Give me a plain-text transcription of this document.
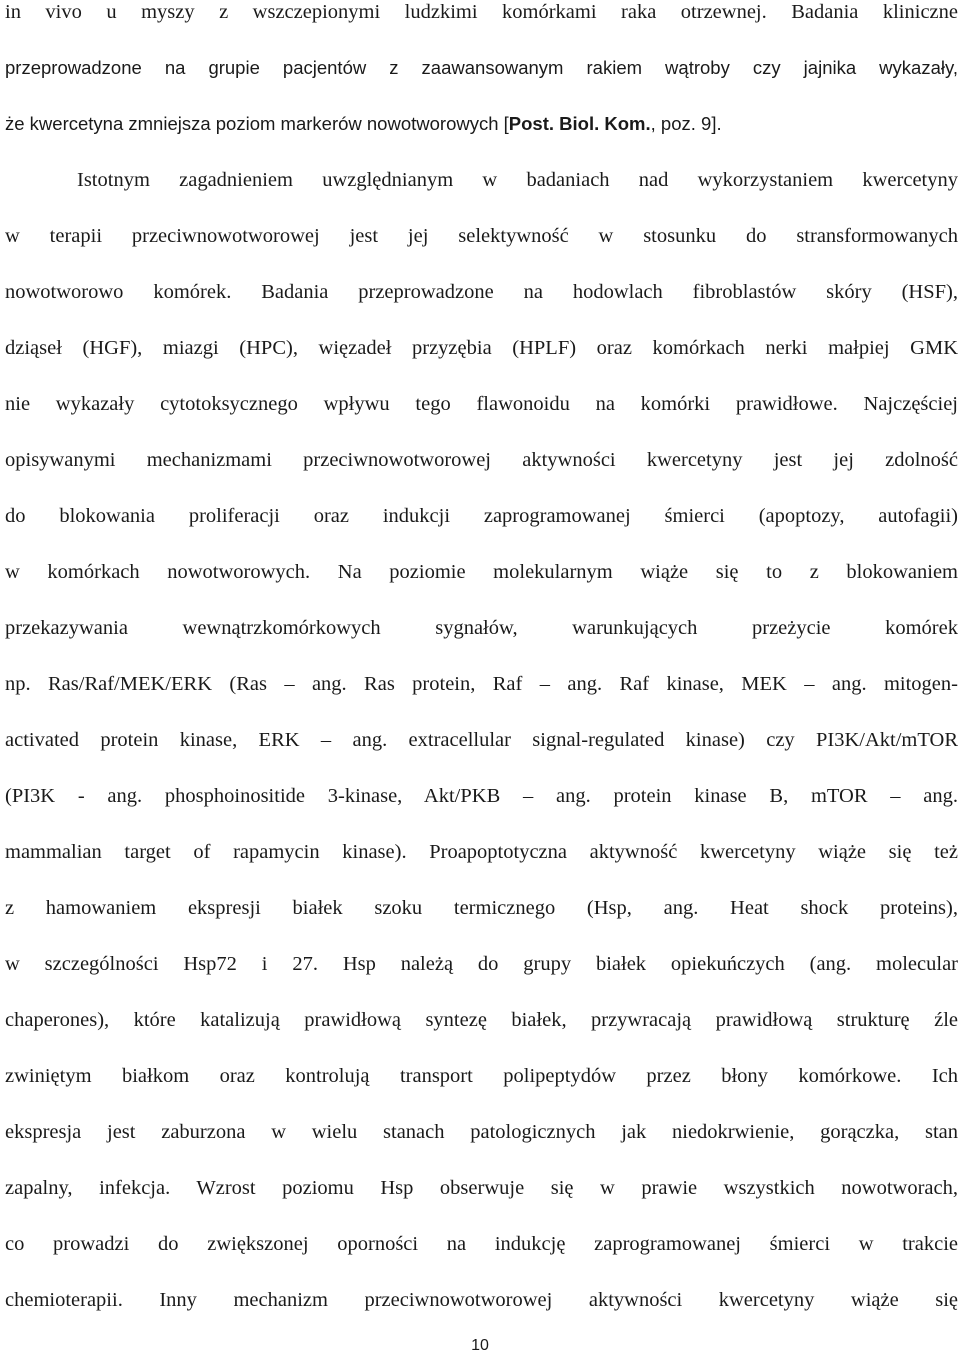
in vivo u myszy z wszczepionymi ludzkimi komórkami raka otrzewnej. Badania kliniczne
przeprowadzone na grupie pacjentów z zaawansowanym rakiem wątroby czy jajnika wykazały,
że kwercetyna zmniejsza poziom markerów nowotworowych [Post. Biol. Kom., poz. 9].
Istotnym zagadnieniem uwzględnianym w badaniach nad wykorzystaniem kwercetyny
w terapii przeciwnowotworowej jest jej selektywność w stosunku do stransformowanych
nowotworowo komórek. Badania przeprowadzone na hodowlach fibroblastów skóry (HSF),
dziąseł (HGF), miazgi (HPC), więzadeł przyzębia (HPLF) oraz komórkach nerki małpiej GMK
nie wykazały cytotoksycznego wpływu tego flawonoidu na komórki prawidłowe. Najczęściej
opisywanymi mechanizmami przeciwnowotworowej aktywności kwercetyny jest jej zdolność
do blokowania proliferacji oraz indukcji zaprogramowanej śmierci (apoptozy, autofagii)
w komórkach nowotworowych. Na poziomie molekularnym wiąże się to z blokowaniem
przekazywania wewnątrzkomórkowych sygnałów, warunkujących przeżycie komórek
np. Ras/Raf/MEK/ERK (Ras – ang. Ras protein, Raf – ang. Raf kinase, MEK – ang. mitogen-
activated protein kinase, ERK – ang. extracellular signal-regulated kinase) czy PI3K/Akt/mTOR
(PI3K - ang. phosphoinositide 3-kinase, Akt/PKB – ang. protein kinase B, mTOR – ang.
mammalian target of rapamycin kinase). Proapoptotyczna aktywność kwercetyny wiąże się też
z hamowaniem ekspresji białek szoku termicznego (Hsp, ang. Heat shock proteins),
w szczególności Hsp72 i 27. Hsp należą do grupy białek opiekuńczych (ang. molecular
chaperones), które katalizują prawidłową syntezę białek, przywracają prawidłową strukturę źle
zwiniętym białkom oraz kontrolują transport polipeptydów przez błony komórkowe. Ich
ekspresja jest zaburzona w wielu stanach patologicznych jak niedokrwienie, gorączka, stan
zapalny, infekcja. Wzrost poziomu Hsp obserwuje się w prawie wszystkich nowotworach,
co prowadzi do zwiększonej oporności na indukcję zaprogramowanej śmierci w trakcie
chemioterapii. Inny mechanizm przeciwnowotworowej aktywności kwercetyny wiąże się
10
